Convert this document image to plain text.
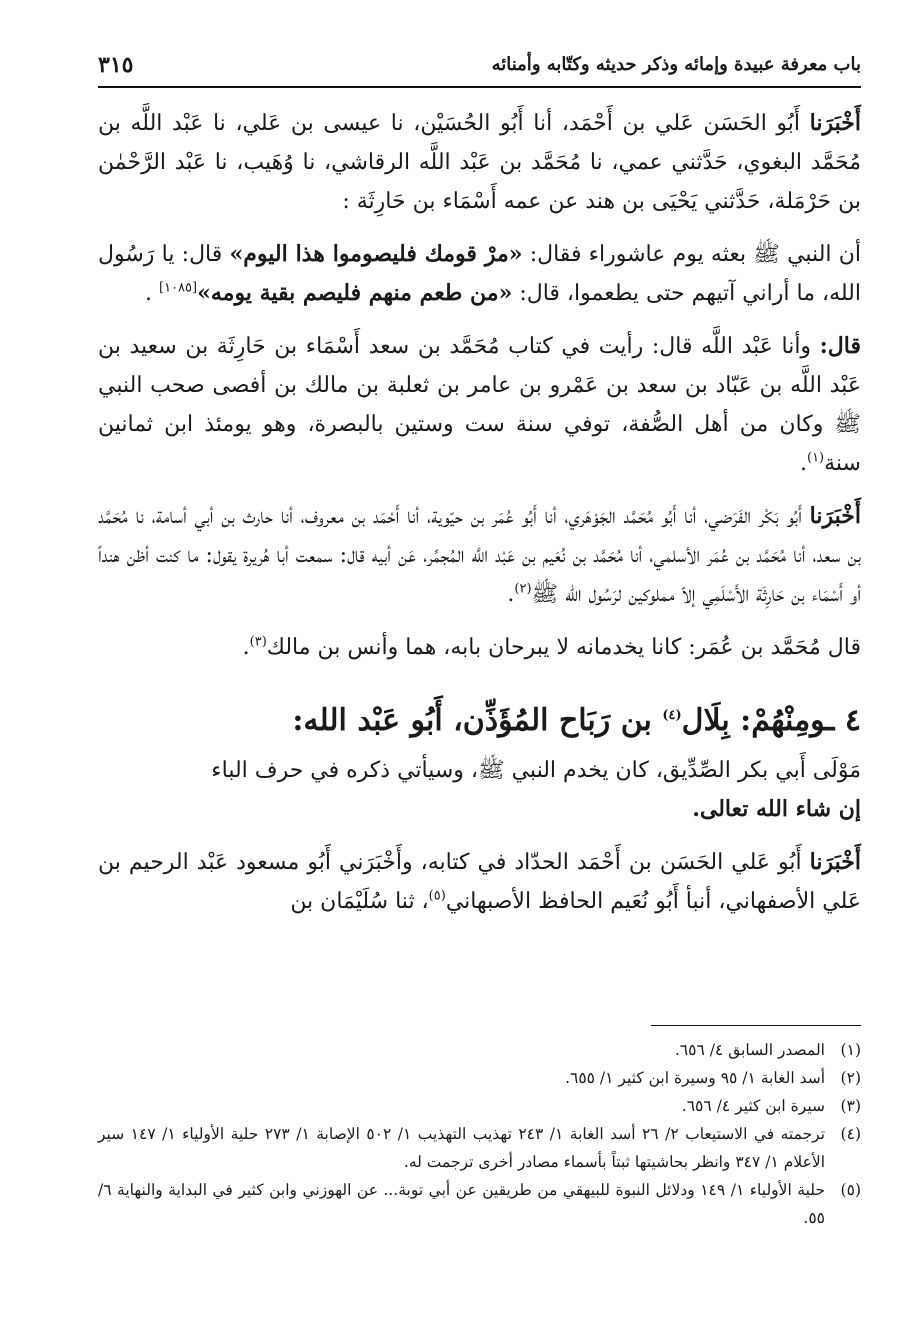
باب معرفة عبيدة وإمائه وذكر حديثه وكتّابه وأمنائه
٣١٥

أَخْبَرَنا أَبُو الحَسَن عَلي بن أَحْمَد، أنا أَبُو الحُسَيْن، نا عيسى بن عَلي، نا عَبْد اللَّه بن مُحَمَّد البغوي، حَدَّثني عمي، نا مُحَمَّد بن عَبْد اللَّه الرقاشي، نا وُهَيب، نا عَبْد الرَّحْمٰن بن حَرْمَلة، حَدَّثني يَحْيَى بن هند عن عمه أَسْمَاء بن حَارِثَة :

أن النبي ﷺ بعثه يوم عاشوراء فقال: «مرْ قومك فليصوموا هذا اليوم» قال: يا رَسُول الله، ما أراني آتيهم حتى يطعموا، قال: «من طعم منهم فليصم بقية يومه»[١٠٨٥] .

قال: وأنا عَبْد اللَّه قال: رأيت في كتاب مُحَمَّد بن سعد أَسْمَاء بن حَارِثَة بن سعيد بن عَبْد اللَّه بن عَبّاد بن سعد بن عَمْرو بن عامر بن ثعلبة بن مالك بن أفصى صحب النبي ﷺ وكان من أهل الصُّفة، توفي سنة ست وستين بالبصرة، وهو يومئذ ابن ثمانين سنة$^{(١)}$.

أَخْبَرَنا أَبُو بَكْر الفَرَضي، أنا أَبُو مُحَمَّد الجَوْهَري، أنا أَبُو عُمَر بن حيّوية، أنا أَحْمَد بن معروف، أنا حارث بن أبي أسامة، نا مُحَمَّد بن سعد، أنا مُحَمَّد بن عُمَر الأسلمي، أنا مُحَمَّد بن نُعَيم بن عَبْد اللَّه المُجمِّر، عَن أبيه قال: سمعت أبا هُريرة يقول: ما كنت أظن هنداً أو أَسْمَاء بن حَارِثَة الأَسْلَمِي إلاّ مملوكين لرَسُول الله ﷺ$^{(٢)}$.

قال مُحَمَّد بن عُمَر: كانا يخدمانه لا يبرحان بابه، هما وأنس بن مالك$^{(٣)}$.

٤ ـومِنْهُمْ: بِلَال$^{(٤)}$ بن رَبَاح المُؤَذِّن، أَبُو عَبْد الله:

مَوْلَى أَبي بكر الصِّدِّيق، كان يخدم النبي ﷺ، وسيأتي ذكره في حرف الباء
إن شاء الله تعالى.

أَخْبَرَنا أَبُو عَلي الحَسَن بن أَحْمَد الحدّاد في كتابه، وأَخْبَرَني أَبُو مسعود عَبْد الرحيم بن عَلي الأصفهاني، أنبأ أَبُو نُعَيم الحافظ الأصبهاني$^{(٥)}$، ثنا سُلَيْمَان بن

(١)
المصدر السابق ٤/ ٦٥٦.
(٢)
أسد الغابة ١/ ٩٥ وسيرة ابن كثير ١/ ٦٥٥.
(٣)
سيرة ابن كثير ٤/ ٦٥٦.
(٤)
ترجمته في الاستيعاب ٢/ ٢٦ أسد الغابة ١/ ٢٤٣ تهذيب التهذيب ١/ ٥٠٢ الإصابة ١/ ٢٧٣ حلية الأولياء ١/ ١٤٧ سير الأعلام ١/ ٣٤٧ وانظر بحاشيتها ثبتاً بأسماء مصادر أخرى ترجمت له.
(٥)
حلية الأولياء ١/ ١٤٩ ودلائل النبوة للبيهقي من طريقين عن أبي توبة... عن الهوزني وابن كثير في البداية والنهاية ٦/ ٥٥.
